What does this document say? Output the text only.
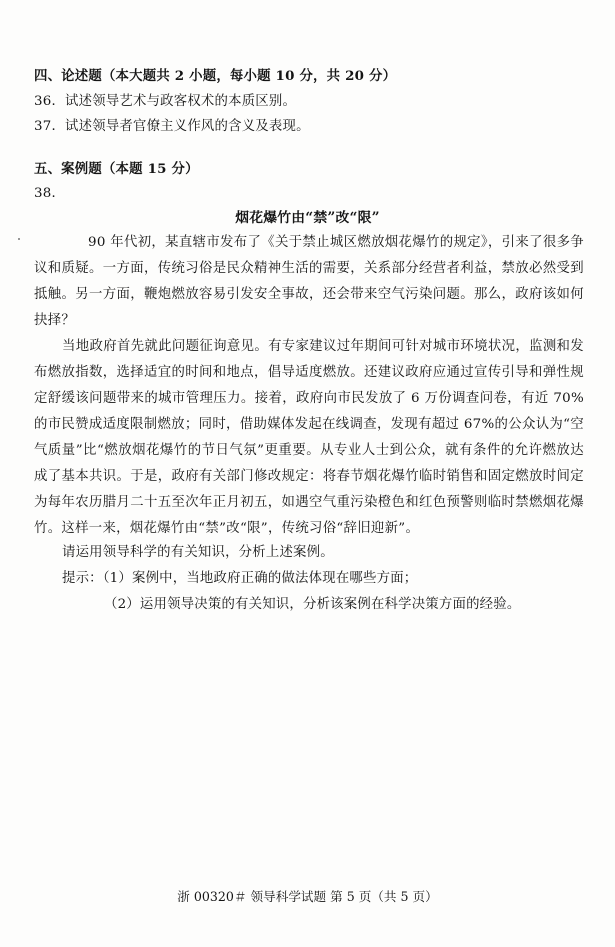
四、论述题（本大题共 2 小题，每小题 10 分，共 20 分）
36．试述领导艺术与政客权术的本质区别。
37．试述领导者官僚主义作风的含义及表现。
五、案例题（本题 15 分）
38．
烟花爆竹由“禁”改“限”
90 年代初，某直辖市发布了《关于禁止城区燃放烟花爆竹的规定》，引来了很多争议和质疑。一方面，传统习俗是民众精神生活的需要，关系部分经营者利益，禁放必然受到抵触。另一方面，鞭炮燃放容易引发安全事故，还会带来空气污染问题。那么，政府该如何抉择？
当地政府首先就此问题征询意见。有专家建议过年期间可针对城市环境状况，监测和发布燃放指数，选择适宜的时间和地点，倡导适度燃放。还建议政府应通过宣传引导和弹性规定舒缓该问题带来的城市管理压力。接着，政府向市民发放了 6 万份调查问卷，有近 70%的市民赞成适度限制燃放；同时，借助媒体发起在线调查，发现有超过 67%的公众认为“空气质量”比“燃放烟花爆竹的节日气氛”更重要。从专业人士到公众，就有条件的允许燃放达成了基本共识。于是，政府有关部门修改规定：将春节烟花爆竹临时销售和固定燃放时间定为每年农历腊月二十五至次年正月初五，如遇空气重污染橙色和红色预警则临时禁燃烟花爆竹。这样一来，烟花爆竹由“禁”改“限”，传统习俗“辞旧迎新”。
请运用领导科学的有关知识，分析上述案例。
提示：（1）案例中，当地政府正确的做法体现在哪些方面；
（2）运用领导决策的有关知识，分析该案例在科学决策方面的经验。
浙 00320＃ 领导科学试题 第 5 页（共 5 页）
